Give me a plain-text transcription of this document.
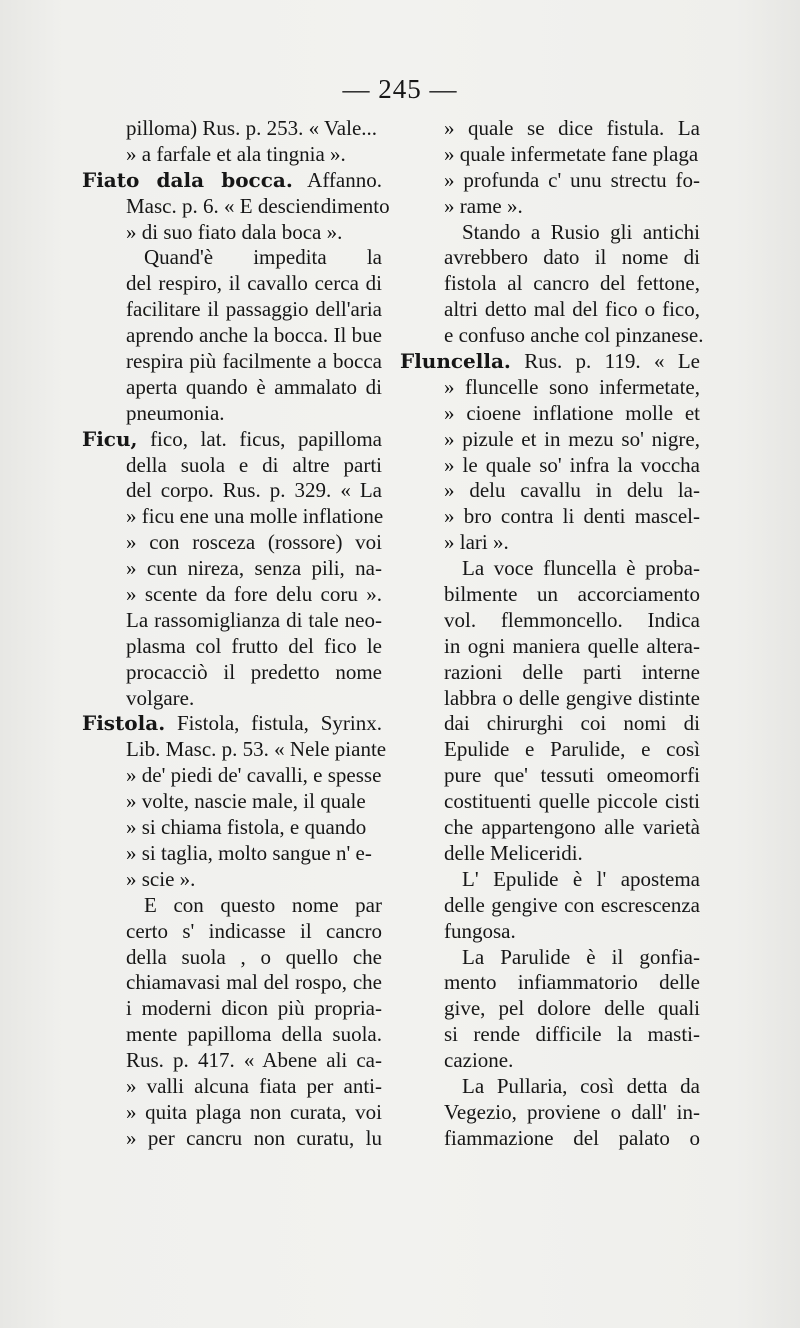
— 245 —
pilloma) Rus. p. 253. « Vale...
» a farfale et ala tingnia ».
Fiato dala bocca. Affanno.
Masc. p. 6. « E desciendimento
» di suo fiato dala boca ».
Quand'è impedita la
del respiro, il cavallo cerca di
facilitare il passaggio dell'aria
aprendo anche la bocca. Il bue
respira più facilmente a bocca
aperta quando è ammalato di
pneumonia.
Ficu, fico, lat. ficus, papilloma
della suola e di altre parti
del corpo. Rus. p. 329. « La
» ficu ene una molle inflatione
» con rosceza (rossore) voi
» cun nireza, senza pili, na-
» scente da fore delu coru ».
La rassomiglianza di tale neo-
plasma col frutto del fico le
procacciò il predetto nome
volgare.
Fistola. Fistola, fistula, Syrinx.
Lib. Masc. p. 53. « Nele piante
» de' piedi de' cavalli, e spesse
» volte, nascie male, il quale
» si chiama fistola, e quando
» si taglia, molto sangue n' e-
» scie ».
E con questo nome par
certo s' indicasse il cancro
della suola , o quello che
chiamavasi mal del rospo, che
i moderni dicon più propria-
mente papilloma della suola.
Rus. p. 417. « Abene ali ca-
» valli alcuna fiata per anti-
» quita plaga non curata, voi
» per cancru non curatu, lu
» quale se dice fistula. La
» quale infermetate fane plaga
» profunda c' unu strectu fo-
» rame ».
Stando a Rusio gli antichi
avrebbero dato il nome di
fistola al cancro del fettone,
altri detto mal del fico o fico,
e confuso anche col pinzanese.
Fluncella. Rus. p. 119. « Le
» fluncelle sono infermetate,
» cioene inflatione molle et
» pizule et in mezu so' nigre,
» le quale so' infra la voccha
» delu cavallu in delu la-
» bro contra li denti mascel-
» lari ».
La voce fluncella è proba-
bilmente un accorciamento
vol. flemmoncello. Indica
in ogni maniera quelle altera-
razioni delle parti interne
labbra o delle gengive distinte
dai chirurghi coi nomi di
Epulide e Parulide, e così
pure que' tessuti omeomorfi
costituenti quelle piccole cisti
che appartengono alle varietà
delle Meliceridi.
L' Epulide è l' apostema
delle gengive con escrescenza
fungosa.
La Parulide è il gonfia-
mento infiammatorio delle
give, pel dolore delle quali
si rende difficile la masti-
cazione.
La Pullaria, così detta da
Vegezio, proviene o dall' in-
fiammazione del palato o
